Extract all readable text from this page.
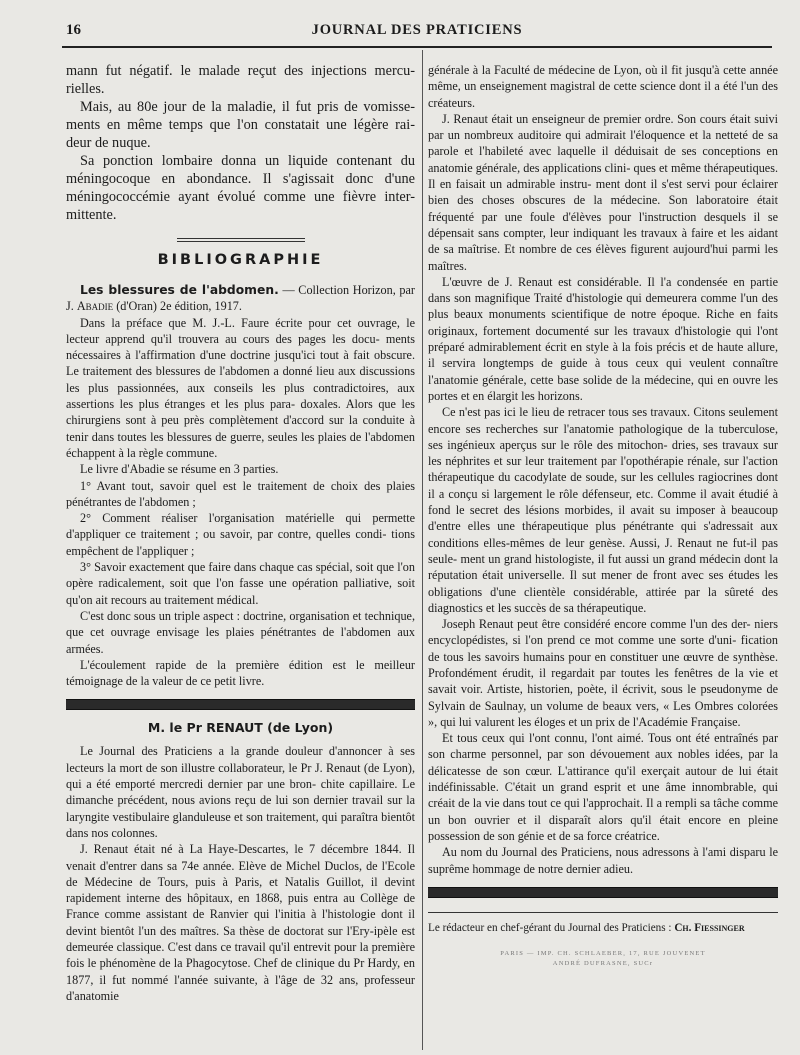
16	JOURNAL DES PRATICIENS

mann fut négatif. le malade reçut des injections mercu- rielles.

Mais, au 80e jour de la maladie, il fut pris de vomisse- ments en même temps que l'on constatait une légère rai- deur de nuque.

Sa ponction lombaire donna un liquide contenant du méningocoque en abondance. Il s'agissait donc d'une méningococcémie ayant évolué comme une fièvre inter- mittente.

BIBLIOGRAPHIE

Les blessures de l'abdomen. — Collection Horizon, par J. Abadie (d'Oran) 2e édition, 1917.

Dans la préface que M. J.-L. Faure écrite pour cet ouvrage, le lecteur apprend qu'il trouvera au cours des pages les docu- ments nécessaires à l'affirmation d'une doctrine jusqu'ici tout à fait obscure. Le traitement des blessures de l'abdomen a donné lieu aux discussions les plus passionnées, aux conseils les plus contradictoires, aux assertions les plus étranges et les plus para- doxales. Alors que les chirurgiens sont à peu près complètement d'accord sur la conduite à tenir dans toutes les blessures de guerre, seules les plaies de l'abdomen échappent à la règle commune.

Le livre d'Abadie se résume en 3 parties.

1° Avant tout, savoir quel est le traitement de choix des plaies pénétrantes de l'abdomen ;

2° Comment réaliser l'organisation matérielle qui permette d'appliquer ce traitement ; ou savoir, par contre, quelles condi- tions empêchent de l'appliquer ;

3° Savoir exactement que faire dans chaque cas spécial, soit que l'on opère radicalement, soit que l'on fasse une opération palliative, soit qu'on ait recours au traitement médical.

C'est donc sous un triple aspect : doctrine, organisation et technique, que cet ouvrage envisage les plaies pénétrantes de l'abdomen aux armées.

L'écoulement rapide de la première édition est le meilleur témoignage de la valeur de ce petit livre.

M. le Pr RENAUT (de Lyon)

Le Journal des Praticiens a la grande douleur d'annoncer à ses lecteurs la mort de son illustre collaborateur, le Pr J. Renaut (de Lyon), qui a été emporté mercredi dernier par une bron- chite capillaire. Le dimanche précédent, nous avions reçu de lui son dernier travail sur la laryngite vestibulaire glanduleuse et son traitement, qui paraîtra bientôt dans nos colonnes.

J. Renaut était né à La Haye-Descartes, le 7 décembre 1844. Il venait d'entrer dans sa 74e année. Elève de Michel Duclos, de l'Ecole de Médecine de Tours, puis à Paris, et Natalis Guillot, il devint rapidement interne des hôpitaux, en 1868, puis entra au Collège de France comme assistant de Ranvier qui l'initia à l'histologie dont il devint bientôt l'un des maîtres. Sa thèse de doctorat sur l'Ery-ipèle est demeurée classique. C'est dans ce travail qu'il entrevit pour la première fois le phénomène de la Phagocytose. Chef de clinique du Pr Hardy, en 1877, il fut nommé l'année suivante, à l'âge de 32 ans, professeur d'anatomie

générale à la Faculté de médecine de Lyon, où il fit jusqu'à cette année même, un enseignement magistral de cette science dont il a été l'un des créateurs.

J. Renaut était un enseigneur de premier ordre. Son cours était suivi par un nombreux auditoire qui admirait l'éloquence et la netteté de sa parole et l'habileté avec laquelle il déduisait de ses conceptions en anatomie générale, des applications clini- ques et même thérapeutiques. Il en faisait un admirable instru- ment dont il s'est servi pour éclairer bien des choses obscures de la médecine. Son laboratoire était fréquenté par une foule d'élèves pour l'instruction desquels il se dépensait sans compter, leur indiquant les travaux à faire et les aidant de sa maîtrise. Et nombre de ces élèves figurent aujourd'hui parmi les maîtres.

L'œuvre de J. Renaut est considérable. Il l'a condensée en partie dans son magnifique Traité d'histologie qui demeurera comme l'un des plus beaux monuments scientifique de notre époque. Riche en faits originaux, fortement documenté sur les travaux d'histologie qui l'ont préparé admirablement écrit en style à la fois précis et de haute allure, il servira longtemps de guide à tous ceux qui veulent connaître l'anatomie générale, cette base solide de la médecine, qui en ouvre les portes et en élargit les horizons.

Ce n'est pas ici le lieu de retracer tous ses travaux. Citons seulement encore ses recherches sur l'anatomie pathologique de la tuberculose, ses ingénieux aperçus sur le rôle des mitochon- dries, ses travaux sur les néphrites et sur leur traitement par l'opothérapie rénale, sur l'action thérapeutique du cacodylate de soude, sur les cellules ragiocrines dont il a conçu si largement le rôle défenseur, etc. Comme il avait étudié à fond le secret des lésions morbides, il avait su imposer à beaucoup d'entre elles une thérapeutique plus pénétrante qui s'adressait aux conditions elles-mêmes de leur genèse. Aussi, J. Renaut ne fut-il pas seule- ment un grand histologiste, il fut aussi un grand médecin dont la réputation était universelle. Il sut mener de front avec ses études les obligations d'une clientèle considérable, attirée par la sûreté des diagnostics et les succès de sa thérapeutique.

Joseph Renaut peut être considéré encore comme l'un des der- niers encyclopédistes, si l'on prend ce mot comme une sorte d'uni- fication de tous les savoirs humains pour en constituer une œuvre de synthèse. Profondément érudit, il regardait par toutes les fenêtres de la vie et savait voir. Artiste, historien, poète, il écrivit, sous le pseudonyme de Sylvain de Saulnay, un volume de beaux vers, « Les Ombres colorées », qui lui valurent les éloges et un prix de l'Académie Française.

Et tous ceux qui l'ont connu, l'ont aimé. Tous ont été entraînés par son charme personnel, par son dévouement aux nobles idées, par la délicatesse de son cœur. L'attirance qu'il exerçait autour de lui était indéfinissable. C'était un grand esprit et une âme innombrable, qui créait de la vie dans tout ce qui l'approchait. Il a rempli sa tâche comme un bon ouvrier et il disparaît alors qu'il était encore en pleine possession de son génie et de sa force créatrice.

Au nom du Journal des Praticiens, nous adressons à l'ami disparu le suprême hommage de notre dernier adieu.

Le rédacteur en chef-gérant du Journal des Praticiens : Ch. Fiessinger

PARIS — IMP. CH. SCHLAEBER, 17, RUE JOUVENET
ANDRÉ DUFRASNE, SUCr
